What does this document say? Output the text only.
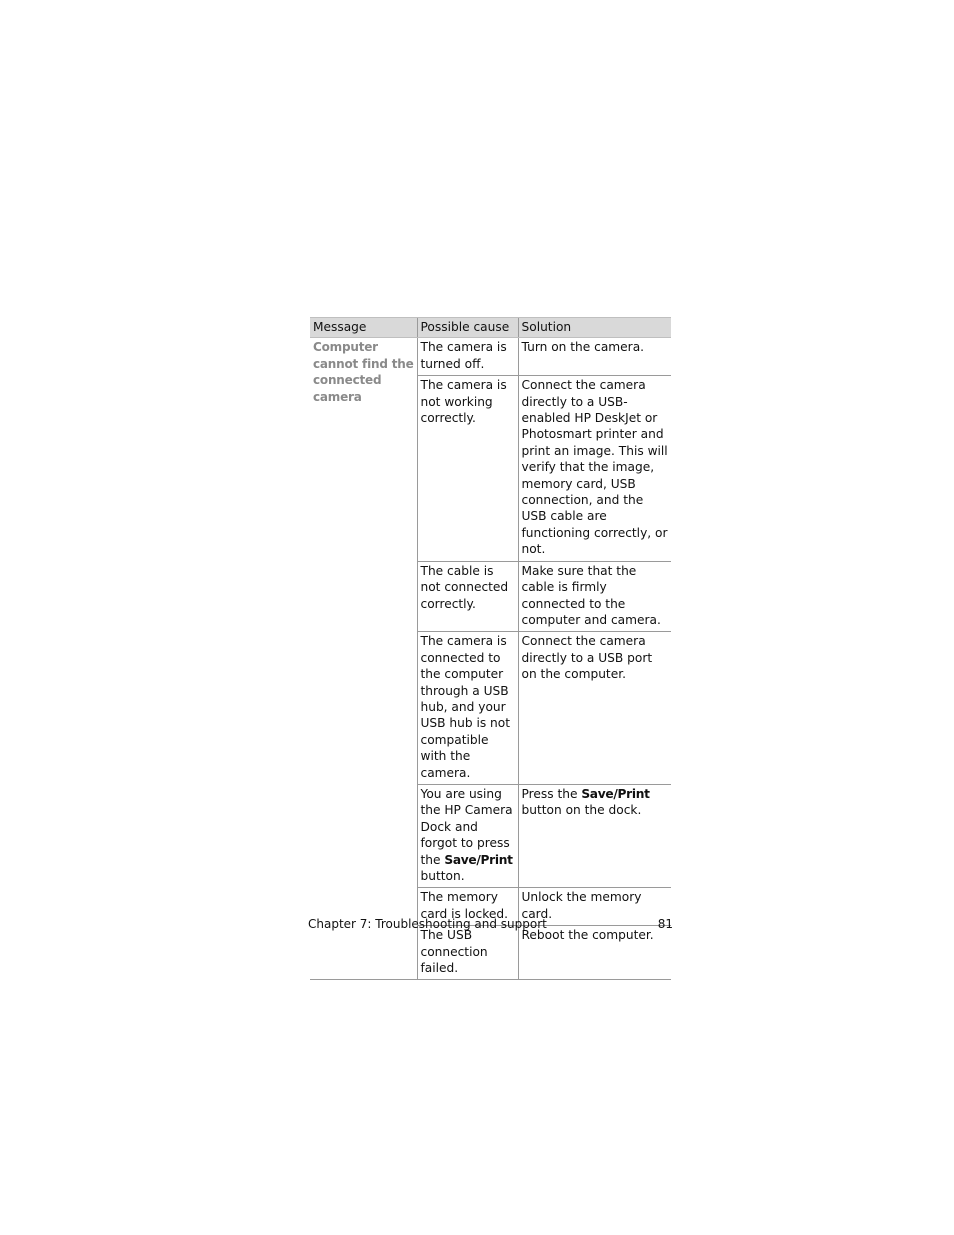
Message	Possible cause	Solution
Computer cannot find the connected camera	The camera is turned off.	Turn on the camera.
	The camera is not working correctly.	Connect the camera directly to a USB-enabled HP DeskJet or Photosmart printer and print an image. This will verify that the image, memory card, USB connection, and the USB cable are functioning correctly, or not.
	The cable is not connected correctly.	Make sure that the cable is firmly connected to the computer and camera.
	The camera is connected to the computer through a USB hub, and your USB hub is not compatible with the camera.	Connect the camera directly to a USB port on the computer.
	You are using the HP Camera Dock and forgot to press the Save/Print button.	Press the Save/Print button on the dock.
	The memory card is locked.	Unlock the memory card.
	The USB connection failed.	Reboot the computer.
Chapter 7: Troubleshooting and support	81
